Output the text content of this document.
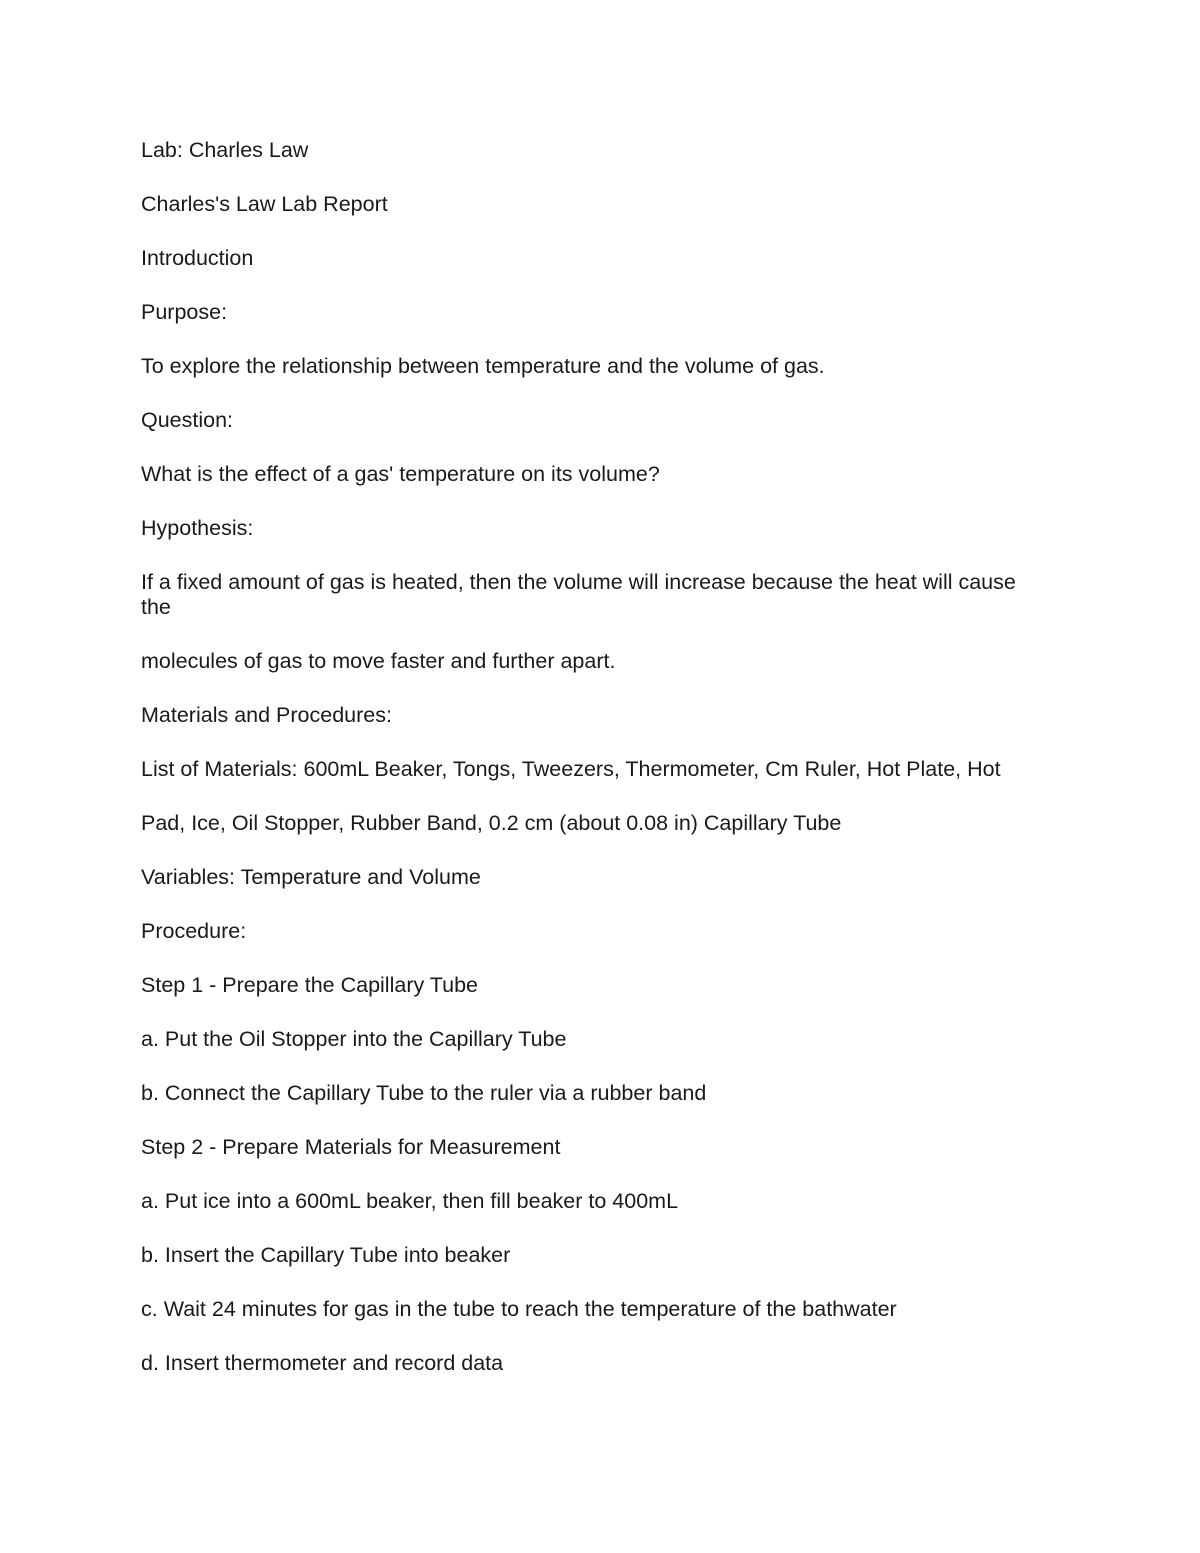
Lab: Charles Law

Charles's Law Lab Report

Introduction

Purpose:

To explore the relationship between temperature and the volume of gas.

Question:

What is the effect of a gas' temperature on its volume?

Hypothesis:

If a fixed amount of gas is heated, then the volume will increase because the heat will cause the

molecules of gas to move faster and further apart.

Materials and Procedures:

List of Materials: 600mL Beaker, Tongs, Tweezers, Thermometer, Cm Ruler, Hot Plate, Hot

Pad, Ice, Oil Stopper, Rubber Band, 0.2 cm (about 0.08 in) Capillary Tube

Variables: Temperature and Volume

Procedure:

Step 1 - Prepare the Capillary Tube

a. Put the Oil Stopper into the Capillary Tube

b. Connect the Capillary Tube to the ruler via a rubber band

Step 2 - Prepare Materials for Measurement

a. Put ice into a 600mL beaker, then fill beaker to 400mL

b. Insert the Capillary Tube into beaker

c. Wait 24 minutes for gas in the tube to reach the temperature of the bathwater

d. Insert thermometer and record data
